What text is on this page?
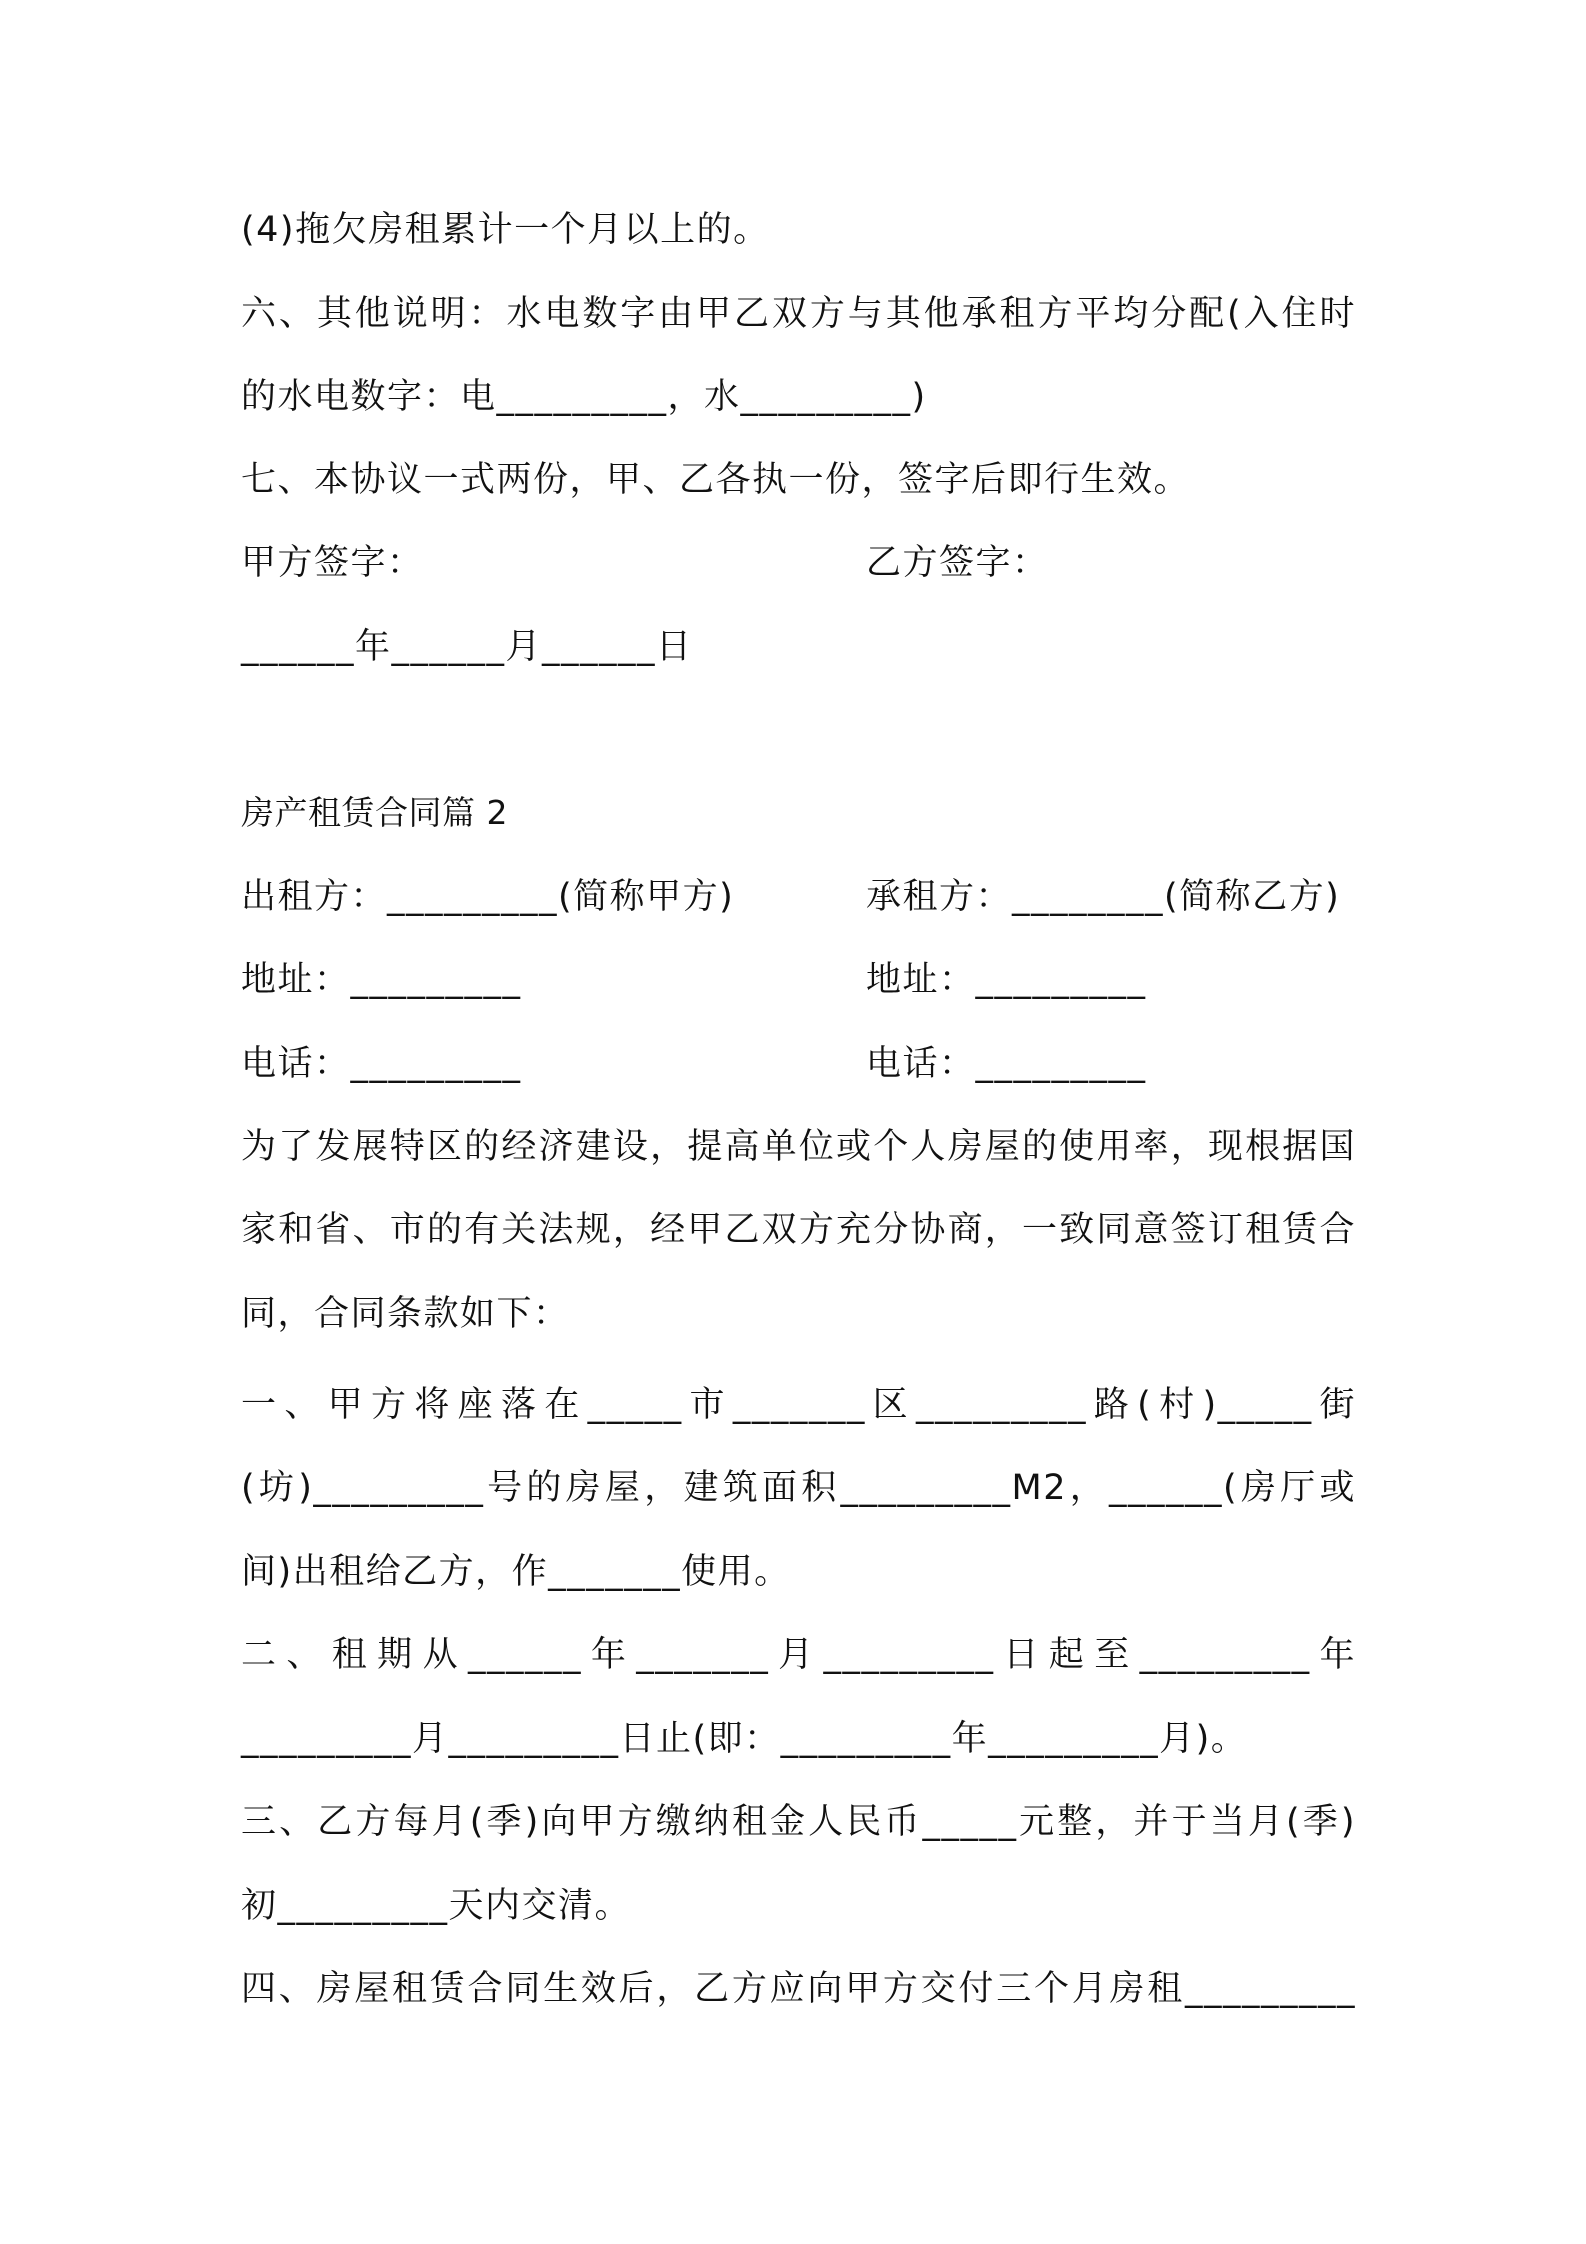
(4)拖欠房租累计一个月以上的。
六、其他说明：水电数字由甲乙双方与其他承租方平均分配(入住时
的水电数字：电_________，水_________)
七、本协议一式两份，甲、乙各执一份，签字后即行生效。
甲方签字：	乙方签字：
______年______月______日
房产租赁合同篇 2
出租方：_________(简称甲方)	承租方：________(简称乙方)
地址：_________	地址：_________
电话：_________	电话：_________
为了发展特区的经济建设，提高单位或个人房屋的使用率，现根据国
家和省、市的有关法规，经甲乙双方充分协商，一致同意签订租赁合
同，合同条款如下：
一、甲方将座落在_____市_______区_________路(村)_____街
(坊)_________号的房屋，建筑面积_________M2，______(房厅或
间)出租给乙方，作_______使用。
二、租期从______年_______月_________日起至_________年
_________月_________日止(即：_________年_________月)。
三、乙方每月(季)向甲方缴纳租金人民币_____元整，并于当月(季)
初_________天内交清。
四、房屋租赁合同生效后，乙方应向甲方交付三个月房租_________
